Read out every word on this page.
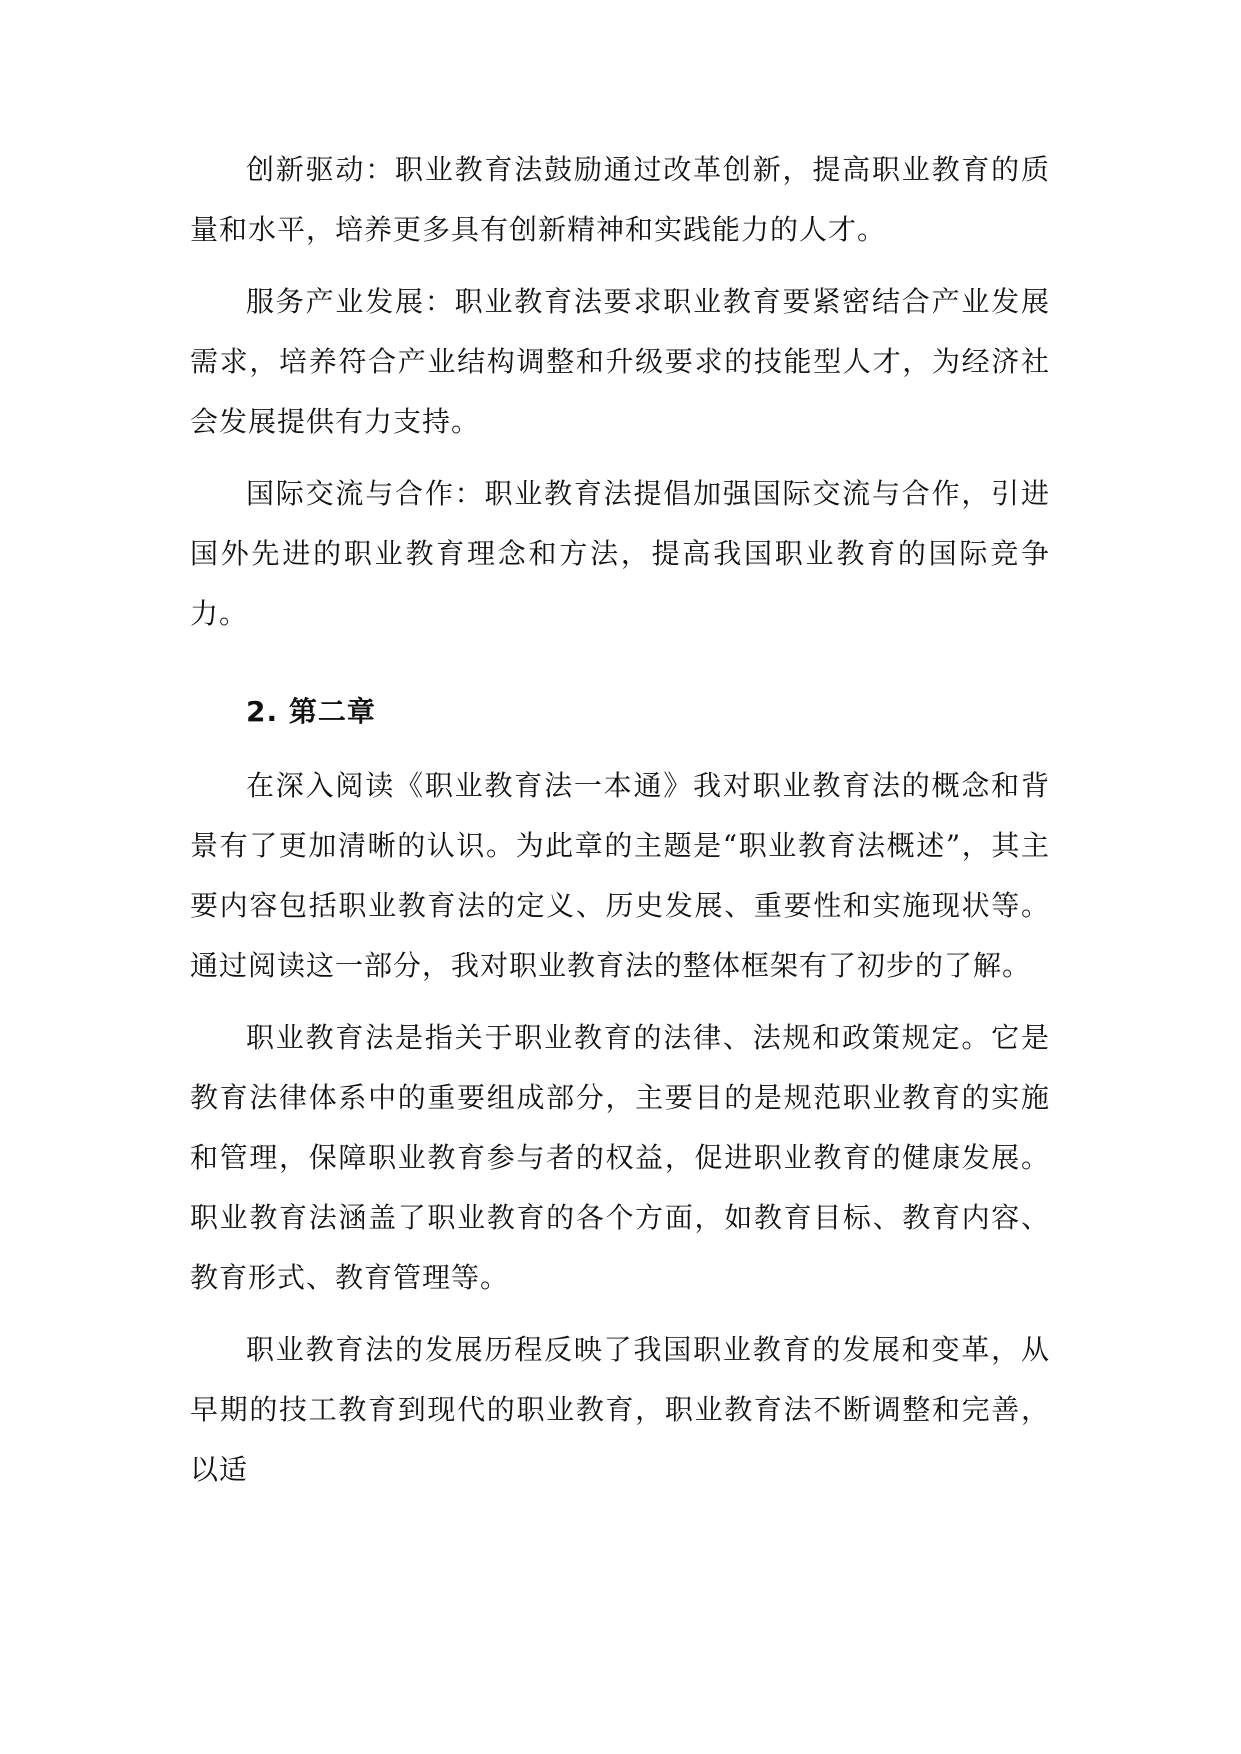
创新驱动：职业教育法鼓励通过改革创新，提高职业教育的质量和水平，培养更多具有创新精神和实践能力的人才。

服务产业发展：职业教育法要求职业教育要紧密结合产业发展需求，培养符合产业结构调整和升级要求的技能型人才，为经济社会发展提供有力支持。

国际交流与合作：职业教育法提倡加强国际交流与合作，引进国外先进的职业教育理念和方法，提高我国职业教育的国际竞争力。

2. 第二章

在深入阅读《职业教育法一本通》我对职业教育法的概念和背景有了更加清晰的认识。为此章的主题是“职业教育法概述”，其主要内容包括职业教育法的定义、历史发展、重要性和实施现状等。通过阅读这一部分，我对职业教育法的整体框架有了初步的了解。

职业教育法是指关于职业教育的法律、法规和政策规定。它是教育法律体系中的重要组成部分，主要目的是规范职业教育的实施和管理，保障职业教育参与者的权益，促进职业教育的健康发展。职业教育法涵盖了职业教育的各个方面，如教育目标、教育内容、教育形式、教育管理等。

职业教育法的发展历程反映了我国职业教育的发展和变革，从早期的技工教育到现代的职业教育，职业教育法不断调整和完善，以适
